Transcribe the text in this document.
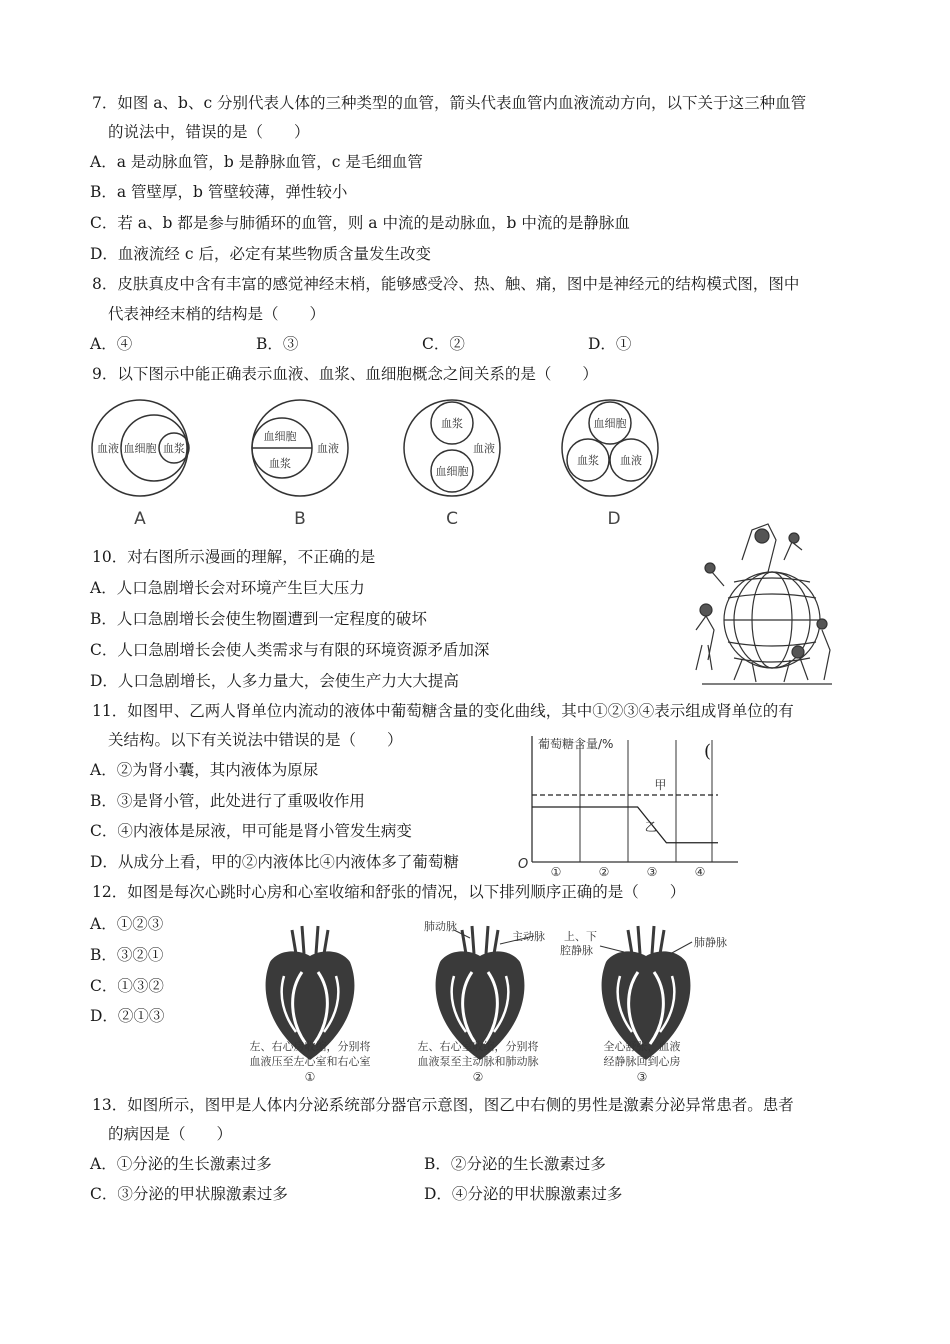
7．如图 a、b、c 分别代表人体的三种类型的血管，箭头代表血管内血液流动方向，以下关于这三种血管
的说法中，错误的是（　　）
A．a 是动脉血管，b 是静脉血管，c 是毛细血管
B．a 管壁厚，b 管壁较薄，弹性较小
C．若 a、b 都是参与肺循环的血管，则 a 中流的是动脉血，b 中流的是静脉血
D．血液流经 c 后，必定有某些物质含量发生改变
8．皮肤真皮中含有丰富的感觉神经末梢，能够感受冷、热、触、痛，图中是神经元的结构模式图，图中
代表神经末梢的结构是（　　）
A．④	B．③	C．②	D．①
9．以下图示中能正确表示血液、血浆、血细胞概念之间关系的是（　　）
血液 血细胞 血浆
血细胞
血浆
血液
血浆
血细胞
血液
血细胞
血浆 血液
A	B	C	D
10．对右图所示漫画的理解，不正确的是
A．人口急剧增长会对环境产生巨大压力
B．人口急剧增长会使生物圈遭到一定程度的破坏
C．人口急剧增长会使人类需求与有限的环境资源矛盾加深
D．人口急剧增长，人多力量大，会使生产力大大提高
11．如图甲、乙两人肾单位内流动的液体中葡萄糖含量的变化曲线，其中①②③④表示组成肾单位的有
关结构。以下有关说法中错误的是（　　）
A．②为肾小囊，其内液体为原尿
B．③是肾小管，此处进行了重吸收作用
C．④内液体是尿液，甲可能是肾小管发生病变
D．从成分上看，甲的②内液体比④内液体多了葡萄糖
葡萄糖含量/%
O
甲
乙
①	②	③	④
(
12．如图是每次心跳时心房和心室收缩和舒张的情况，以下排列顺序正确的是（　　）
A．①②③
B．③②①
C．①③②
D．②①③
肺动脉
主动脉 上、下
腔静脉
肺静脉
左、右心房收缩，分别将
血液压至左心室和右心室
①
左、右心室收缩，分别将
血液泵至主动脉和肺动脉
②
全心舒张，血液
经静脉回到心房
③
13．如图所示，图甲是人体内分泌系统部分器官示意图，图乙中右侧的男性是激素分泌异常患者。患者
的病因是（　　）
A．①分泌的生长激素过多	B．②分泌的生长激素过多
C．③分泌的甲状腺激素过多	D．④分泌的甲状腺激素过多
